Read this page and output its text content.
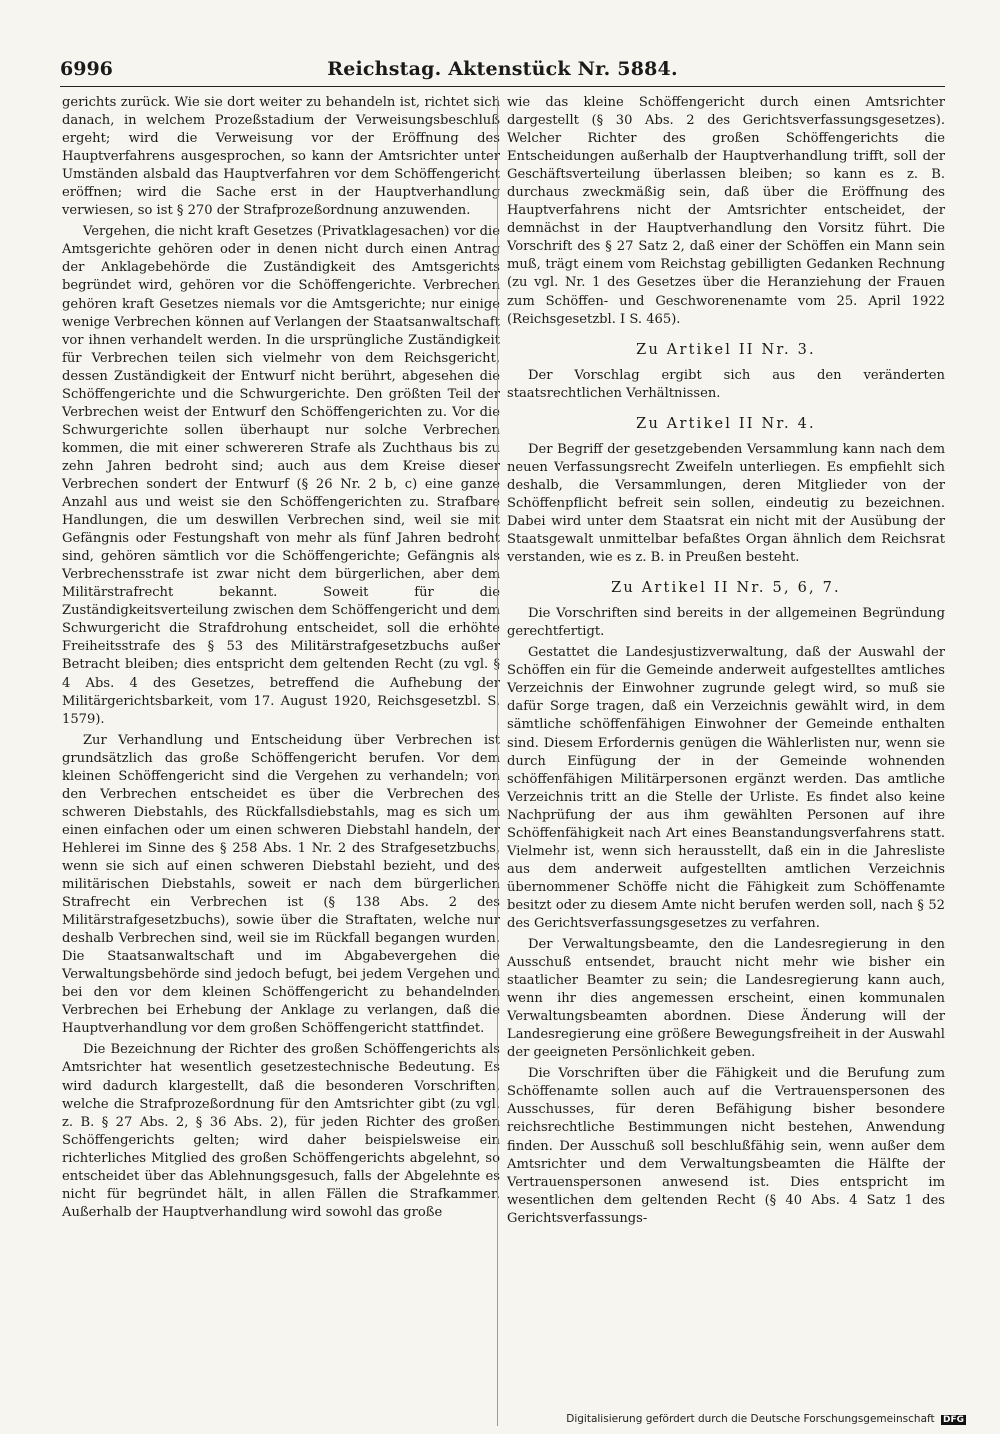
6996	Reichstag. Aktenstück Nr. 5884.

gerichts zurück. Wie sie dort weiter zu behandeln ist, richtet sich danach, in welchem Prozeßstadium der Verweisungsbeschluß ergeht; wird die Verweisung vor der Eröffnung des Hauptverfahrens ausgesprochen, so kann der Amtsrichter unter Umständen alsbald das Hauptverfahren vor dem Schöffengericht eröffnen; wird die Sache erst in der Hauptverhandlung verwiesen, so ist § 270 der Strafprozeßordnung anzuwenden.

Vergehen, die nicht kraft Gesetzes (Privatklagesachen) vor die Amtsgerichte gehören oder in denen nicht durch einen Antrag der Anklagebehörde die Zuständigkeit des Amtsgerichts begründet wird, gehören vor die Schöffengerichte. Verbrechen gehören kraft Gesetzes niemals vor die Amtsgerichte; nur einige wenige Verbrechen können auf Verlangen der Staatsanwaltschaft vor ihnen verhandelt werden. In die ursprüngliche Zuständigkeit für Verbrechen teilen sich vielmehr von dem Reichsgericht, dessen Zuständigkeit der Entwurf nicht berührt, abgesehen die Schöffengerichte und die Schwurgerichte. Den größten Teil der Verbrechen weist der Entwurf den Schöffengerichten zu. Vor die Schwurgerichte sollen überhaupt nur solche Verbrechen kommen, die mit einer schwereren Strafe als Zuchthaus bis zu zehn Jahren bedroht sind; auch aus dem Kreise dieser Verbrechen sondert der Entwurf (§ 26 Nr. 2 b, c) eine ganze Anzahl aus und weist sie den Schöffengerichten zu. Strafbare Handlungen, die um deswillen Verbrechen sind, weil sie mit Gefängnis oder Festungshaft von mehr als fünf Jahren bedroht sind, gehören sämtlich vor die Schöffengerichte; Gefängnis als Verbrechensstrafe ist zwar nicht dem bürgerlichen, aber dem Militärstrafrecht bekannt. Soweit für die Zuständigkeitsverteilung zwischen dem Schöffengericht und dem Schwurgericht die Strafdrohung entscheidet, soll die erhöhte Freiheitsstrafe des § 53 des Militärstrafgesetzbuchs außer Betracht bleiben; dies entspricht dem geltenden Recht (zu vgl. § 4 Abs. 4 des Gesetzes, betreffend die Aufhebung der Militärgerichtsbarkeit, vom 17. August 1920, Reichsgesetzbl. S. 1579).

Zur Verhandlung und Entscheidung über Verbrechen ist grundsätzlich das große Schöffengericht berufen. Vor dem kleinen Schöffengericht sind die Vergehen zu verhandeln; von den Verbrechen entscheidet es über die Verbrechen des schweren Diebstahls, des Rückfallsdiebstahls, mag es sich um einen einfachen oder um einen schweren Diebstahl handeln, der Hehlerei im Sinne des § 258 Abs. 1 Nr. 2 des Strafgesetzbuchs, wenn sie sich auf einen schweren Diebstahl bezieht, und des militärischen Diebstahls, soweit er nach dem bürgerlichen Strafrecht ein Verbrechen ist (§ 138 Abs. 2 des Militärstrafgesetzbuchs), sowie über die Straftaten, welche nur deshalb Verbrechen sind, weil sie im Rückfall begangen wurden. Die Staatsanwaltschaft und im Abgabevergehen die Verwaltungsbehörde sind jedoch befugt, bei jedem Vergehen und bei den vor dem kleinen Schöffengericht zu behandelnden Verbrechen bei Erhebung der Anklage zu verlangen, daß die Hauptverhandlung vor dem großen Schöffengericht stattfindet.

Die Bezeichnung der Richter des großen Schöffengerichts als Amtsrichter hat wesentlich gesetzestechnische Bedeutung. Es wird dadurch klargestellt, daß die besonderen Vorschriften, welche die Strafprozeßordnung für den Amtsrichter gibt (zu vgl. z. B. § 27 Abs. 2, § 36 Abs. 2), für jeden Richter des großen Schöffengerichts gelten; wird daher beispielsweise ein richterliches Mitglied des großen Schöffengerichts abgelehnt, so entscheidet über das Ablehnungsgesuch, falls der Abgelehnte es nicht für begründet hält, in allen Fällen die Strafkammer. Außerhalb der Hauptverhandlung wird sowohl das große

wie das kleine Schöffengericht durch einen Amtsrichter dargestellt (§ 30 Abs. 2 des Gerichtsverfassungsgesetzes). Welcher Richter des großen Schöffengerichts die Entscheidungen außerhalb der Hauptverhandlung trifft, soll der Geschäftsverteilung überlassen bleiben; so kann es z. B. durchaus zweckmäßig sein, daß über die Eröffnung des Hauptverfahrens nicht der Amtsrichter entscheidet, der demnächst in der Hauptverhandlung den Vorsitz führt. Die Vorschrift des § 27 Satz 2, daß einer der Schöffen ein Mann sein muß, trägt einem vom Reichstag gebilligten Gedanken Rechnung (zu vgl. Nr. 1 des Gesetzes über die Heranziehung der Frauen zum Schöffen- und Geschworenenamte vom 25. April 1922 (Reichsgesetzbl. I S. 465).

Zu Artikel II Nr. 3.

Der Vorschlag ergibt sich aus den veränderten staatsrechtlichen Verhältnissen.

Zu Artikel II Nr. 4.

Der Begriff der gesetzgebenden Versammlung kann nach dem neuen Verfassungsrecht Zweifeln unterliegen. Es empfiehlt sich deshalb, die Versammlungen, deren Mitglieder von der Schöffenpflicht befreit sein sollen, eindeutig zu bezeichnen. Dabei wird unter dem Staatsrat ein nicht mit der Ausübung der Staatsgewalt unmittelbar befaßtes Organ ähnlich dem Reichsrat verstanden, wie es z. B. in Preußen besteht.

Zu Artikel II Nr. 5, 6, 7.

Die Vorschriften sind bereits in der allgemeinen Begründung gerechtfertigt.

Gestattet die Landesjustizverwaltung, daß der Auswahl der Schöffen ein für die Gemeinde anderweit aufgestelltes amtliches Verzeichnis der Einwohner zugrunde gelegt wird, so muß sie dafür Sorge tragen, daß ein Verzeichnis gewählt wird, in dem sämtliche schöffenfähigen Einwohner der Gemeinde enthalten sind. Diesem Erfordernis genügen die Wählerlisten nur, wenn sie durch Einfügung der in der Gemeinde wohnenden schöffenfähigen Militärpersonen ergänzt werden. Das amtliche Verzeichnis tritt an die Stelle der Urliste. Es findet also keine Nachprüfung der aus ihm gewählten Personen auf ihre Schöffenfähigkeit nach Art eines Beanstandungsverfahrens statt. Vielmehr ist, wenn sich herausstellt, daß ein in die Jahresliste aus dem anderweit aufgestellten amtlichen Verzeichnis übernommener Schöffe nicht die Fähigkeit zum Schöffenamte besitzt oder zu diesem Amte nicht berufen werden soll, nach § 52 des Gerichtsverfassungsgesetzes zu verfahren.

Der Verwaltungsbeamte, den die Landesregierung in den Ausschuß entsendet, braucht nicht mehr wie bisher ein staatlicher Beamter zu sein; die Landesregierung kann auch, wenn ihr dies angemessen erscheint, einen kommunalen Verwaltungsbeamten abordnen. Diese Änderung will der Landesregierung eine größere Bewegungsfreiheit in der Auswahl der geeigneten Persönlichkeit geben.

Die Vorschriften über die Fähigkeit und die Berufung zum Schöffenamte sollen auch auf die Vertrauenspersonen des Ausschusses, für deren Befähigung bisher besondere reichsrechtliche Bestimmungen nicht bestehen, Anwendung finden. Der Ausschuß soll beschlußfähig sein, wenn außer dem Amtsrichter und dem Verwaltungsbeamten die Hälfte der Vertrauenspersonen anwesend ist. Dies entspricht im wesentlichen dem geltenden Recht (§ 40 Abs. 4 Satz 1 des Gerichtsverfassungs-

Digitalisierung gefördert durch die Deutsche Forschungsgemeinschaft DFG
